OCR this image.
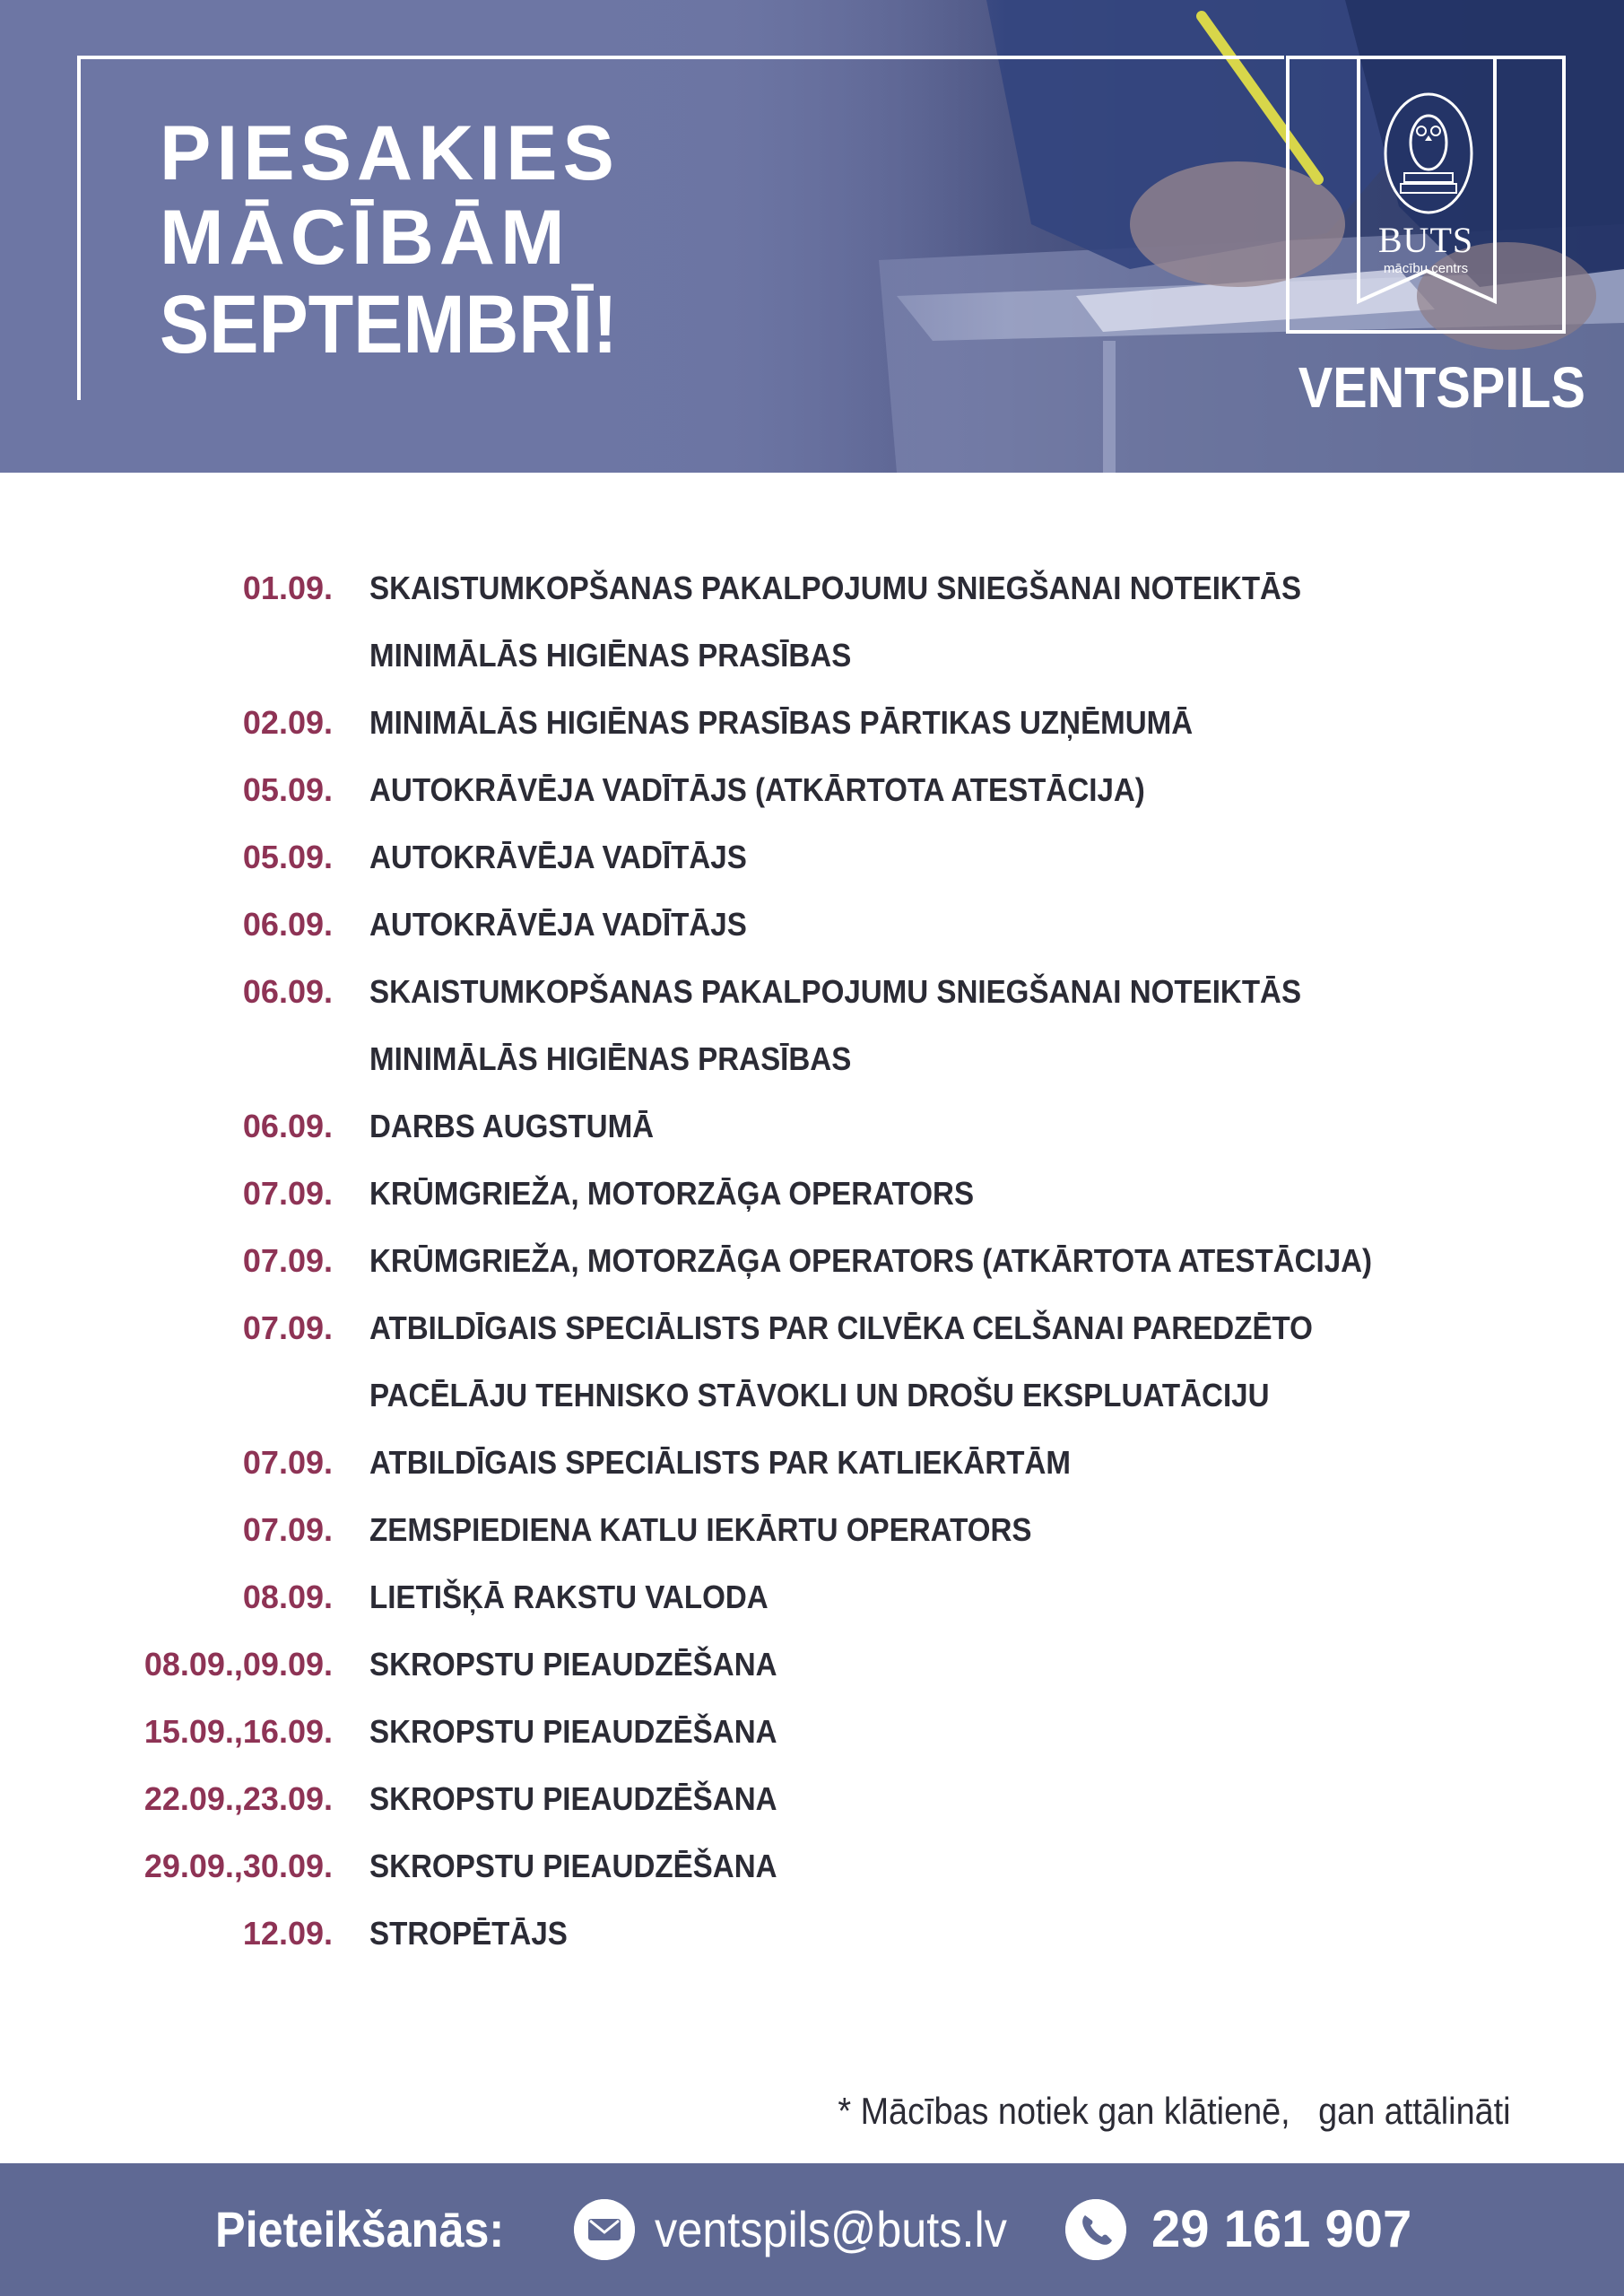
PIESAKIES
MĀCĪBĀM
SEPTEMBRĪ!
BUTS
mācību centrs
VENTSPILS
01.09. SKAISTUMKOPŠANAS PAKALPOJUMU SNIEGŠANAI NOTEIKTĀS MINIMĀLĀS HIGIĒNAS PRASĪBAS
02.09. MINIMĀLĀS HIGIĒNAS PRASĪBAS PĀRTIKAS UZŅĒMUMĀ
05.09. AUTOKRĀVĒJA VADĪTĀJS (ATKĀRTOTA ATESTĀCIJA)
05.09. AUTOKRĀVĒJA VADĪTĀJS
06.09. AUTOKRĀVĒJA VADĪTĀJS
06.09. SKAISTUMKOPŠANAS PAKALPOJUMU SNIEGŠANAI NOTEIKTĀS MINIMĀLĀS HIGIĒNAS PRASĪBAS
06.09. DARBS AUGSTUMĀ
07.09. KRŪMGRIEŽA, MOTORZĀĢA OPERATORS
07.09. KRŪMGRIEŽA, MOTORZĀĢA OPERATORS (ATKĀRTOTA ATESTĀCIJA)
07.09. ATBILDĪGAIS SPECIĀLISTS PAR CILVĒKA CELŠANAI PAREDZĒTO PACĒLĀJU TEHNISKO STĀVOKLI UN DROŠU EKSPLUATĀCIJU
07.09. ATBILDĪGAIS SPECIĀLISTS PAR KATLIEKĀRTĀM
07.09. ZEMSPIEDIENA KATLU IEKĀRTU OPERATORS
08.09. LIETIŠĶĀ RAKSTU VALODA
08.09.,09.09. SKROPSTU PIEAUDZĒŠANA
15.09.,16.09. SKROPSTU PIEAUDZĒŠANA
22.09.,23.09. SKROPSTU PIEAUDZĒŠANA
29.09.,30.09. SKROPSTU PIEAUDZĒŠANA
12.09. STROPĒTĀJS
* Mācības notiek gan klātienē,   gan attālināti
Pieteikšanās:	ventspils@buts.lv	29 161 907
